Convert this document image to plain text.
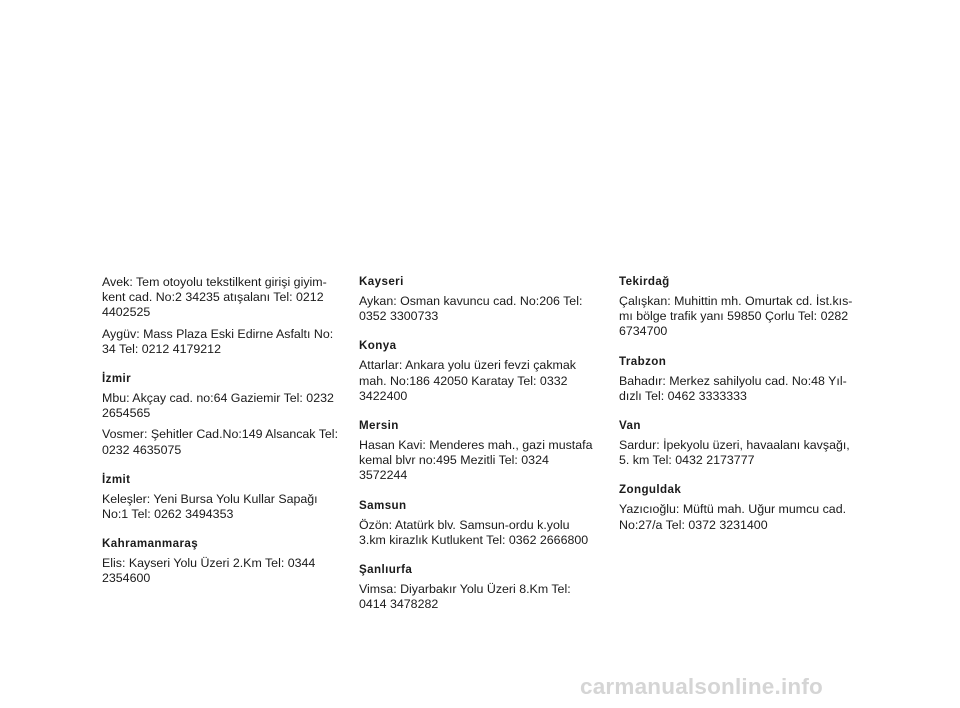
Avek: Tem otoyolu tekstilkent girişi giyim-
kent cad. No:2 34235 atışalanı Tel: 0212
4402525
Aygüv: Mass Plaza Eski Edirne Asfaltı No:
34 Tel: 0212 4179212
İzmir
Mbu: Akçay cad. no:64 Gaziemir Tel: 0232
2654565
Vosmer: Şehitler Cad.No:149 Alsancak Tel:
0232 4635075
İzmit
Keleşler: Yeni Bursa Yolu Kullar Sapağı
No:1 Tel: 0262 3494353
Kahramanmaraş
Elis: Kayseri Yolu Üzeri 2.Km Tel: 0344
2354600
Kayseri
Aykan: Osman kavuncu cad. No:206 Tel:
0352 3300733
Konya
Attarlar: Ankara yolu üzeri fevzi çakmak
mah. No:186 42050 Karatay Tel: 0332
3422400
Mersin
Hasan Kavi: Menderes mah., gazi mustafa
kemal blvr no:495 Mezitli Tel: 0324
3572244
Samsun
Özön: Atatürk blv. Samsun-ordu k.yolu
3.km kirazlık Kutlukent Tel: 0362 2666800
Şanlıurfa
Vimsa: Diyarbakır Yolu Üzeri 8.Km Tel:
0414 3478282
Tekirdağ
Çalışkan: Muhittin mh. Omurtak cd. İst.kıs-
mı bölge trafik yanı 59850 Çorlu Tel: 0282
6734700
Trabzon
Bahadır: Merkez sahilyolu cad. No:48 Yıl-
dızlı Tel: 0462 3333333
Van
Sardur: İpekyolu üzeri, havaalanı kavşağı,
5. km Tel: 0432 2173777
Zonguldak
Yazıcıoğlu: Müftü mah. Uğur mumcu cad.
No:27/a Tel: 0372 3231400
carmanualsonline.info
